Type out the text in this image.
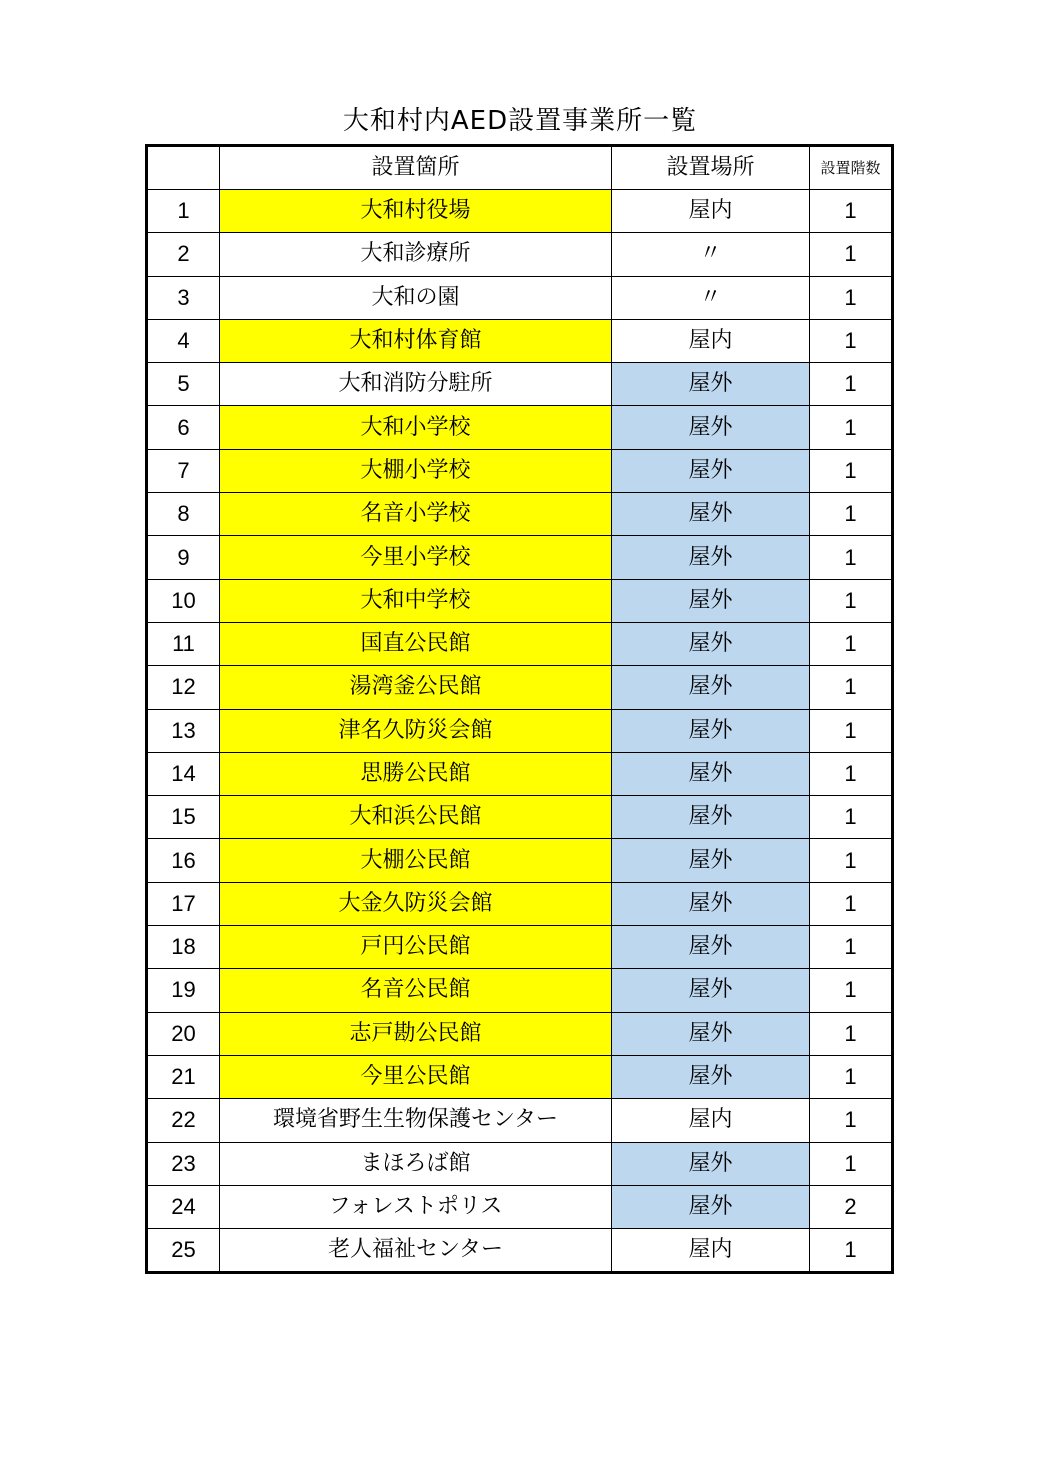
大和村内AED設置事業所一覧
	設置箇所	設置場所	設置階数
1	大和村役場	屋内	1
2	大和診療所	〃	1
3	大和の園	〃	1
4	大和村体育館	屋内	1
5	大和消防分駐所	屋外	1
6	大和小学校	屋外	1
7	大棚小学校	屋外	1
8	名音小学校	屋外	1
9	今里小学校	屋外	1
10	大和中学校	屋外	1
11	国直公民館	屋外	1
12	湯湾釜公民館	屋外	1
13	津名久防災会館	屋外	1
14	思勝公民館	屋外	1
15	大和浜公民館	屋外	1
16	大棚公民館	屋外	1
17	大金久防災会館	屋外	1
18	戸円公民館	屋外	1
19	名音公民館	屋外	1
20	志戸勘公民館	屋外	1
21	今里公民館	屋外	1
22	環境省野生生物保護センター	屋内	1
23	まほろば館	屋外	1
24	フォレストポリス	屋外	2
25	老人福祉センター	屋内	1
